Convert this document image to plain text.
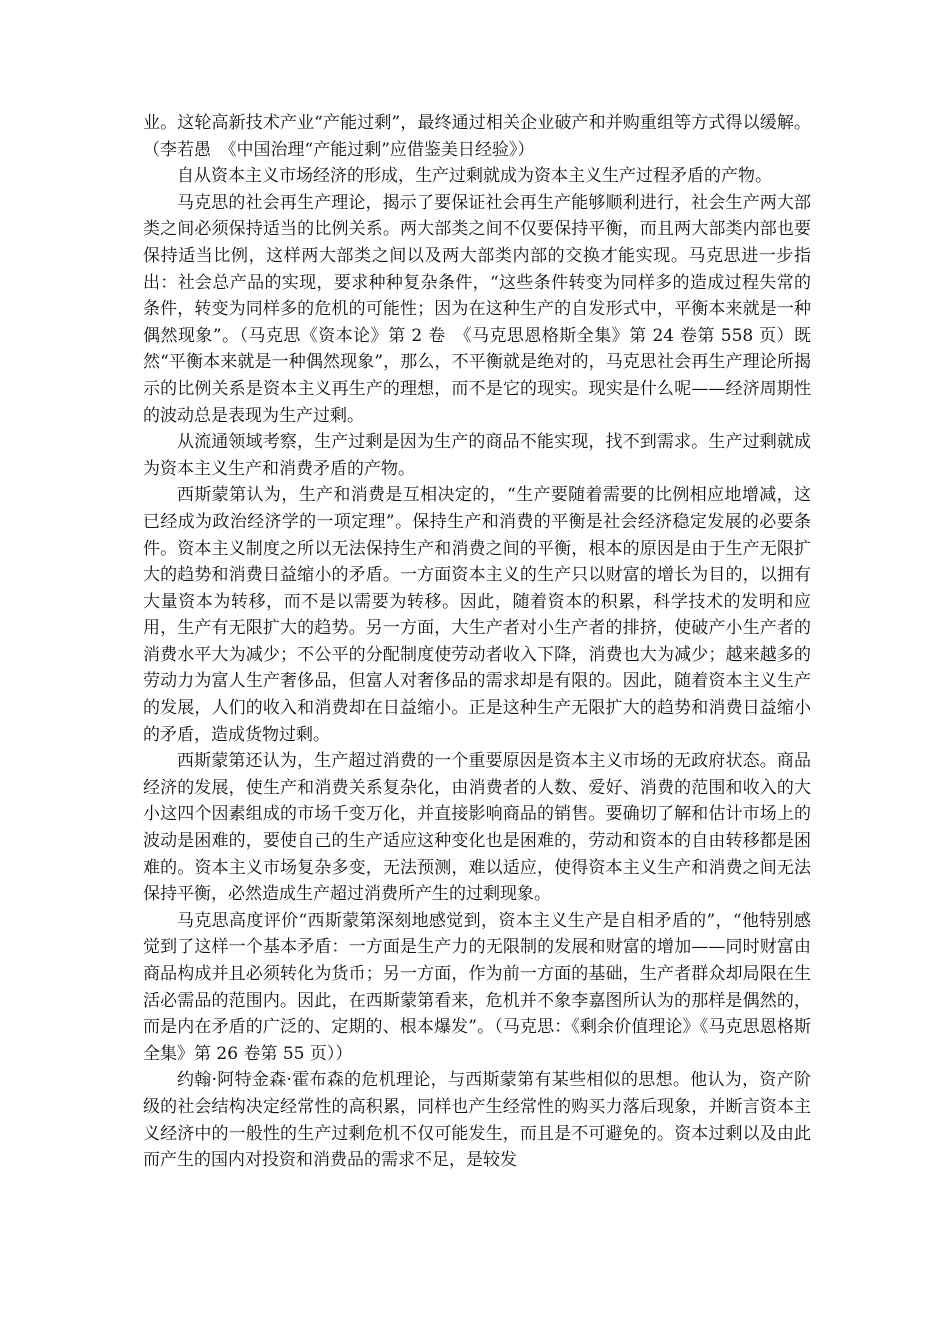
业。这轮高新技术产业“产能过剩”，最终通过相关企业破产和并购重组等方式得以缓解。（李若愚　《中国治理“产能过剩”应借鉴美日经验》）

自从资本主义市场经济的形成，生产过剩就成为资本主义生产过程矛盾的产物。

马克思的社会再生产理论，揭示了要保证社会再生产能够顺利进行，社会生产两大部类之间必须保持适当的比例关系。两大部类之间不仅要保持平衡，而且两大部类内部也要保持适当比例，这样两大部类之间以及两大部类内部的交换才能实现。马克思进一步指出：社会总产品的实现，要求种种复杂条件，“这些条件转变为同样多的造成过程失常的条件，转变为同样多的危机的可能性；因为在这种生产的自发形式中，平衡本来就是一种偶然现象”。（马克思《资本论》第 2 卷　《马克思恩格斯全集》第 24 卷第 558 页）既然“平衡本来就是一种偶然现象”，那么，不平衡就是绝对的，马克思社会再生产理论所揭示的比例关系是资本主义再生产的理想，而不是它的现实。现实是什么呢——经济周期性的波动总是表现为生产过剩。

从流通领域考察，生产过剩是因为生产的商品不能实现，找不到需求。生产过剩就成为资本主义生产和消费矛盾的产物。

西斯蒙第认为，生产和消费是互相决定的，“生产要随着需要的比例相应地增减，这已经成为政治经济学的一项定理”。保持生产和消费的平衡是社会经济稳定发展的必要条件。资本主义制度之所以无法保持生产和消费之间的平衡，根本的原因是由于生产无限扩大的趋势和消费日益缩小的矛盾。一方面资本主义的生产只以财富的增长为目的，以拥有大量资本为转移，而不是以需要为转移。因此，随着资本的积累，科学技术的发明和应用，生产有无限扩大的趋势。另一方面，大生产者对小生产者的排挤，使破产小生产者的消费水平大为减少；不公平的分配制度使劳动者收入下降，消费也大为减少；越来越多的劳动力为富人生产奢侈品，但富人对奢侈品的需求却是有限的。因此，随着资本主义生产的发展，人们的收入和消费却在日益缩小。正是这种生产无限扩大的趋势和消费日益缩小的矛盾，造成货物过剩。

西斯蒙第还认为，生产超过消费的一个重要原因是资本主义市场的无政府状态。商品经济的发展，使生产和消费关系复杂化，由消费者的人数、爱好、消费的范围和收入的大小这四个因素组成的市场千变万化，并直接影响商品的销售。要确切了解和估计市场上的波动是困难的，要使自己的生产适应这种变化也是困难的，劳动和资本的自由转移都是困难的。资本主义市场复杂多变，无法预测，难以适应，使得资本主义生产和消费之间无法保持平衡，必然造成生产超过消费所产生的过剩现象。

马克思高度评价“西斯蒙第深刻地感觉到，资本主义生产是自相矛盾的”，“他特别感觉到了这样一个基本矛盾：一方面是生产力的无限制的发展和财富的增加——同时财富由商品构成并且必须转化为货币；另一方面，作为前一方面的基础，生产者群众却局限在生活必需品的范围内。因此，在西斯蒙第看来，危机并不象李嘉图所认为的那样是偶然的，而是内在矛盾的广泛的、定期的、根本爆发”。（马克思：《剩余价值理论》《马克思恩格斯全集》第 26 卷第 55 页））

约翰·阿特金森·霍布森的危机理论，与西斯蒙第有某些相似的思想。他认为，资产阶级的社会结构决定经常性的高积累，同样也产生经常性的购买力落后现象，并断言资本主义经济中的一般性的生产过剩危机不仅可能发生，而且是不可避免的。资本过剩以及由此而产生的国内对投资和消费品的需求不足，是较发
